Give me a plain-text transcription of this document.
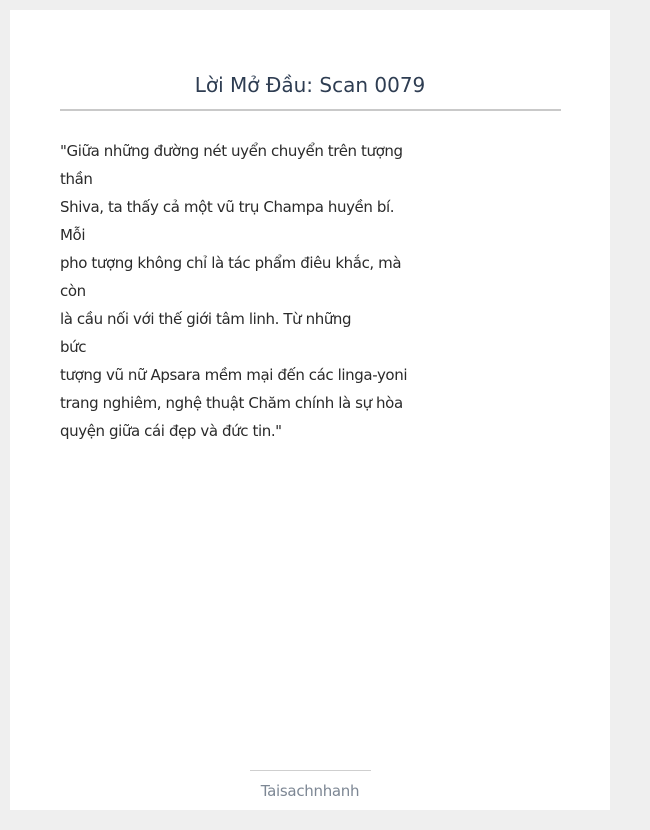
Lời Mở Đầu: Scan 0079
"Giữa những đường nét uyển chuyển trên tượng
thần
Shiva, ta thấy cả một vũ trụ Champa huyền bí.
Mỗi
pho tượng không chỉ là tác phẩm điêu khắc, mà
còn
là cầu nối với thế giới tâm linh. Từ những
bức
tượng vũ nữ Apsara mềm mại đến các linga-yoni
trang nghiêm, nghệ thuật Chăm chính là sự hòa
quyện giữa cái đẹp và đức tin."
Taisachnhanh
